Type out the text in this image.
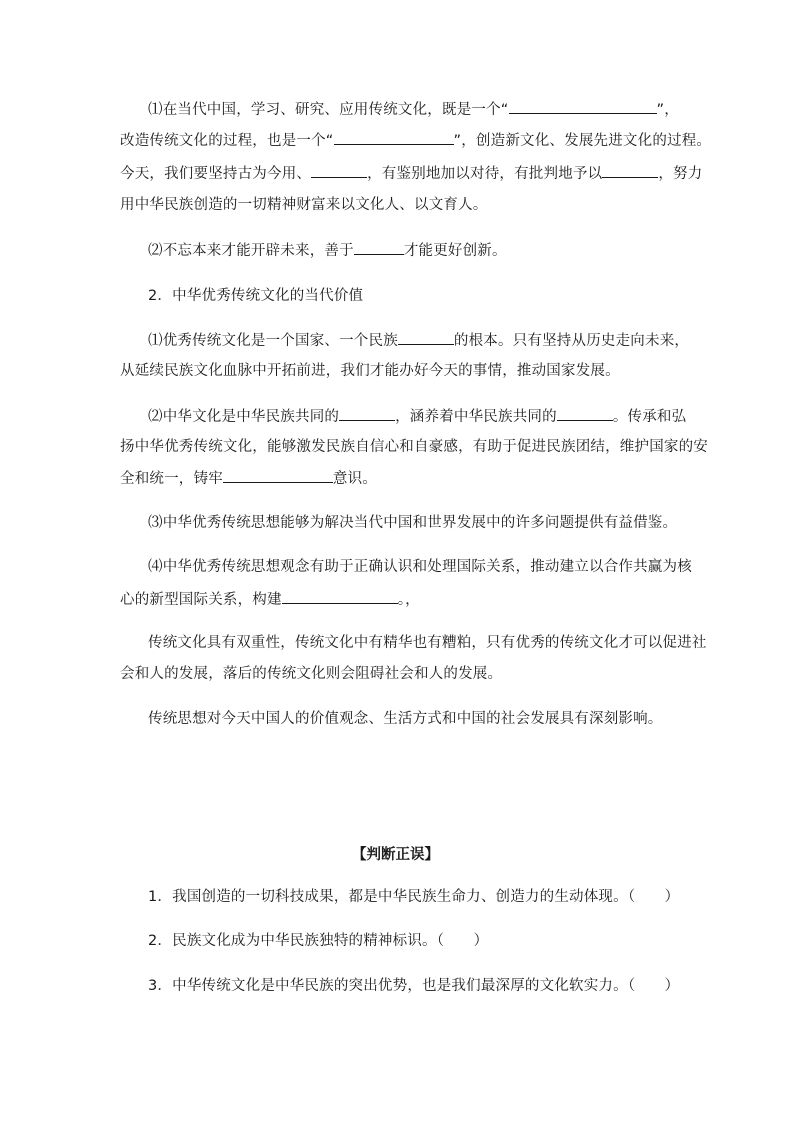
⑴在当代中国，学习、研究、应用传统文化，既是一个“	”，
改造传统文化的过程，也是一个“	”，创造新文化、发展先进文化的过程。
今天，我们要坚持古为今用、	，有鉴别地加以对待，有批判地予以	，努力
用中华民族创造的一切精神财富来以文化人、以文育人。
⑵不忘本来才能开辟未来，善于	才能更好创新。
2．中华优秀传统文化的当代价值
⑴优秀传统文化是一个国家、一个民族	的根本。只有坚持从历史走向未来，
从延续民族文化血脉中开拓前进，我们才能办好今天的事情，推动国家发展。
⑵中华文化是中华民族共同的	，涵养着中华民族共同的	。传承和弘
扬中华优秀传统文化，能够激发民族自信心和自豪感，有助于促进民族团结，维护国家的安
全和统一，铸牢	意识。
⑶中华优秀传统思想能够为解决当代中国和世界发展中的许多问题提供有益借鉴。
⑷中华优秀传统思想观念有助于正确认识和处理国际关系，推动建立以合作共赢为核
心的新型国际关系，构建	。，
传统文化具有双重性，传统文化中有精华也有糟粕，只有优秀的传统文化才可以促进社
会和人的发展，落后的传统文化则会阻碍社会和人的发展。
传统思想对今天中国人的价值观念、生活方式和中国的社会发展具有深刻影响。
【判断正误】
1．我国创造的一切科技成果，都是中华民族生命力、创造力的生动体现。（　　）
2．民族文化成为中华民族独特的精神标识。（　　）
3．中华传统文化是中华民族的突出优势，也是我们最深厚的文化软实力。（　　）
